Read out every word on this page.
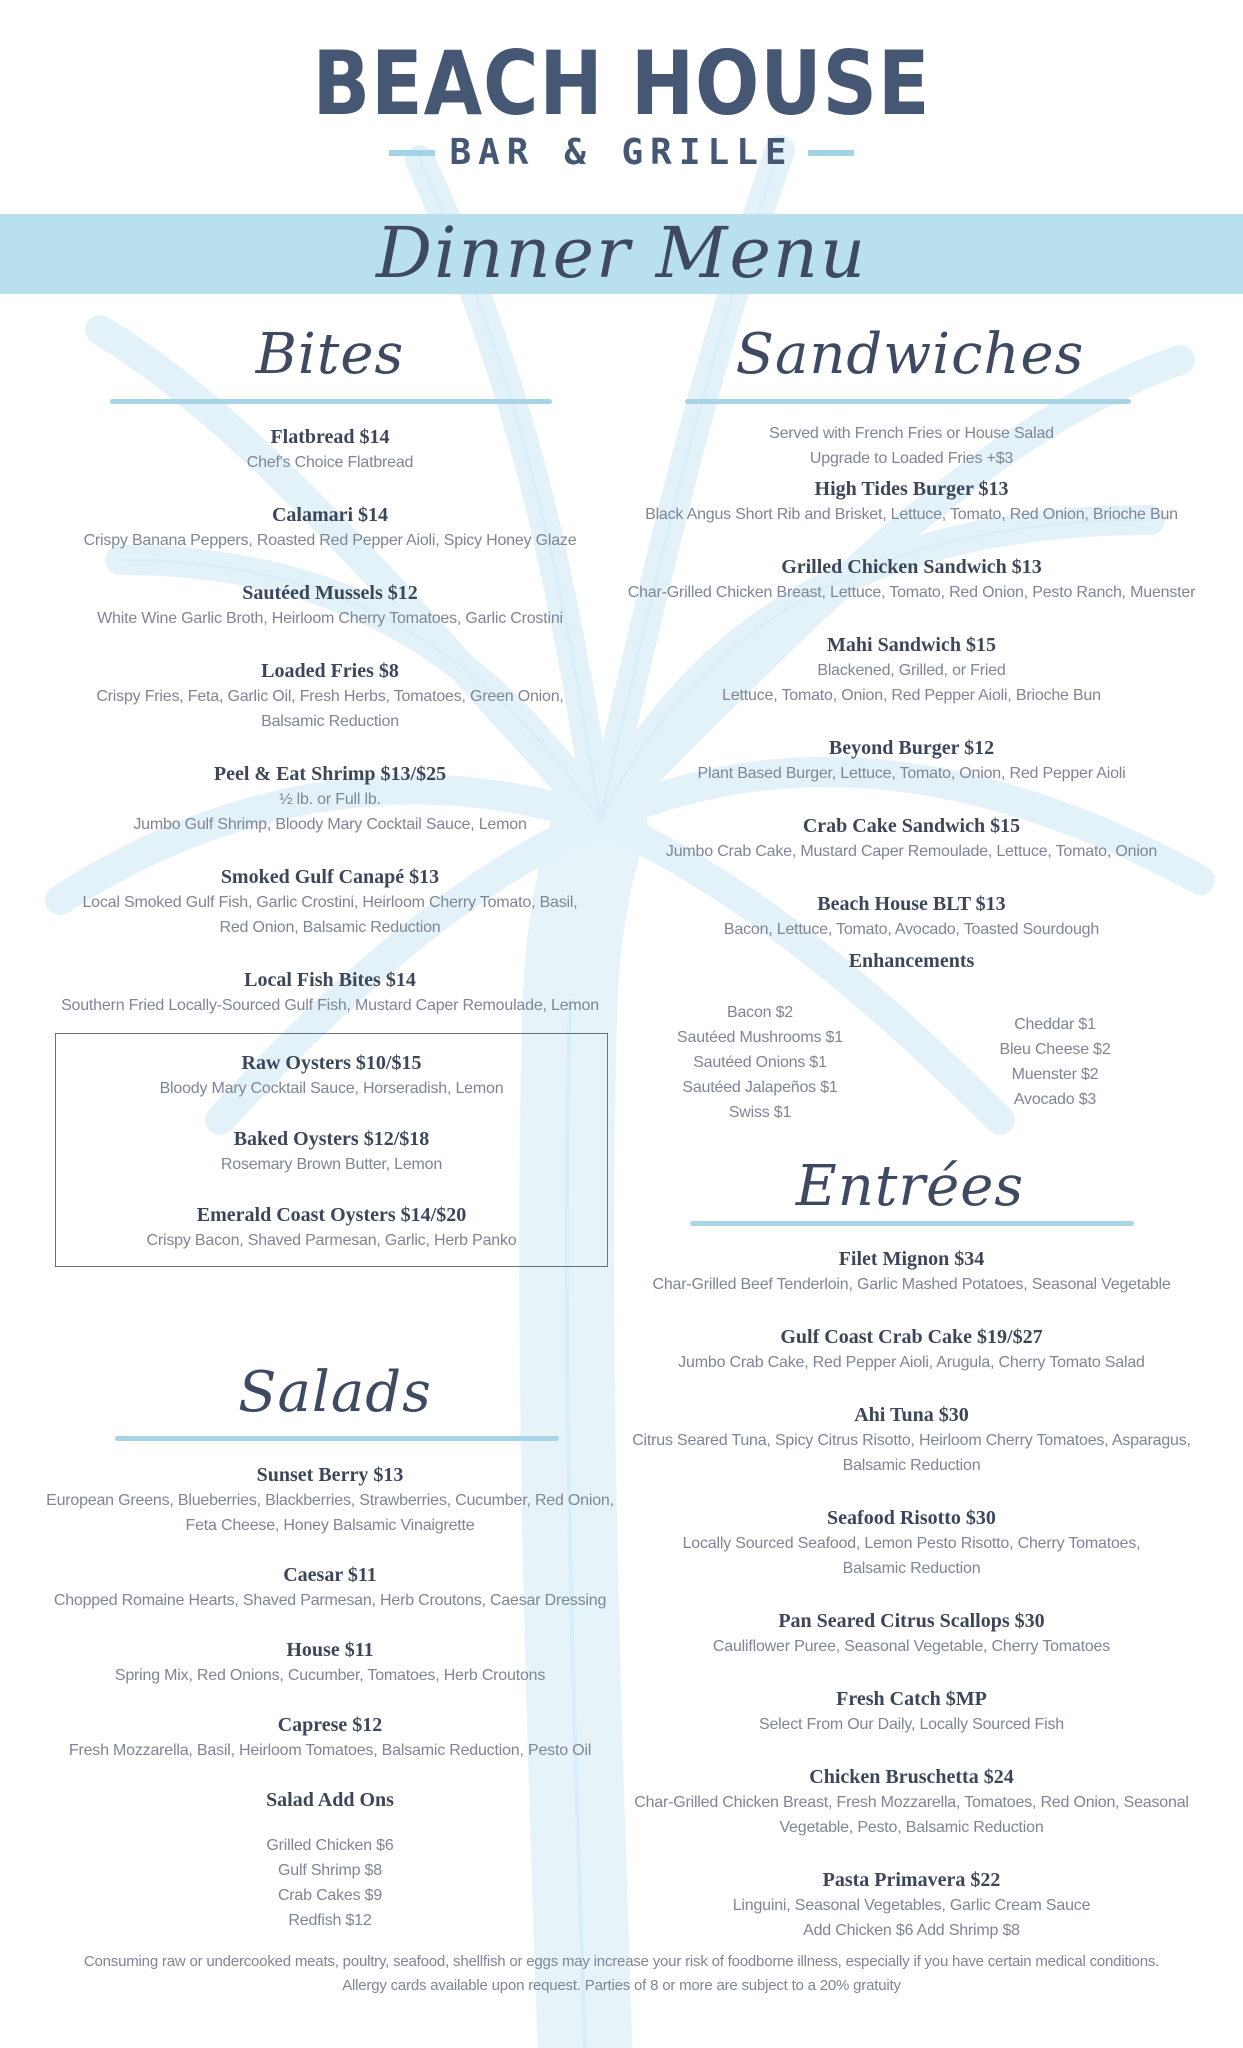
BEACH HOUSE
BAR & GRILLE
Dinner Menu
Bites	Sandwiches
Salads
Entrées
Flatbread $14
Chef's Choice Flatbread
Calamari $14
Crispy Banana Peppers, Roasted Red Pepper Aioli, Spicy Honey Glaze
Sautéed Mussels $12
White Wine Garlic Broth, Heirloom Cherry Tomatoes, Garlic Crostini
Loaded Fries $8
Crispy Fries, Feta, Garlic Oil, Fresh Herbs, Tomatoes, Green Onion,
Balsamic Reduction
Peel & Eat Shrimp $13/$25
½ lb. or Full lb.
Jumbo Gulf Shrimp, Bloody Mary Cocktail Sauce, Lemon
Smoked Gulf Canapé $13
Local Smoked Gulf Fish, Garlic Crostini, Heirloom Cherry Tomato, Basil,
Red Onion, Balsamic Reduction
Local Fish Bites $14
Southern Fried Locally-Sourced Gulf Fish, Mustard Caper Remoulade, Lemon
Raw Oysters $10/$15
Bloody Mary Cocktail Sauce, Horseradish, Lemon
Baked Oysters $12/$18
Rosemary Brown Butter, Lemon
Emerald Coast Oysters $14/$20
Crispy Bacon, Shaved Parmesan, Garlic, Herb Panko
Sunset Berry $13
European Greens, Blueberries, Blackberries, Strawberries, Cucumber, Red Onion,
Feta Cheese, Honey Balsamic Vinaigrette
Caesar $11
Chopped Romaine Hearts, Shaved Parmesan, Herb Croutons, Caesar Dressing
House $11
Spring Mix, Red Onions, Cucumber, Tomatoes, Herb Croutons
Caprese $12
Fresh Mozzarella, Basil, Heirloom Tomatoes, Balsamic Reduction, Pesto Oil
Salad Add Ons
Grilled Chicken $6
Gulf Shrimp $8
Crab Cakes $9
Redfish $12
Served with French Fries or House Salad
Upgrade to Loaded Fries +$3
High Tides Burger $13
Black Angus Short Rib and Brisket, Lettuce, Tomato, Red Onion, Brioche Bun
Grilled Chicken Sandwich $13
Char-Grilled Chicken Breast, Lettuce, Tomato, Red Onion, Pesto Ranch, Muenster
Mahi Sandwich $15
Blackened, Grilled, or Fried
Lettuce, Tomato, Onion, Red Pepper Aioli, Brioche Bun
Beyond Burger $12
Plant Based Burger, Lettuce, Tomato, Onion, Red Pepper Aioli
Crab Cake Sandwich $15
Jumbo Crab Cake, Mustard Caper Remoulade, Lettuce, Tomato, Onion
Beach House BLT $13
Bacon, Lettuce, Tomato, Avocado, Toasted Sourdough
Enhancements
Bacon $2
Sautéed Mushrooms $1
Sautéed Onions $1
Sautéed Jalapeños $1
Swiss $1
Cheddar $1
Bleu Cheese $2
Muenster $2
Avocado $3
Filet Mignon $34
Char-Grilled Beef Tenderloin, Garlic Mashed Potatoes, Seasonal Vegetable
Gulf Coast Crab Cake $19/$27
Jumbo Crab Cake, Red Pepper Aioli, Arugula, Cherry Tomato Salad
Ahi Tuna $30
Citrus Seared Tuna, Spicy Citrus Risotto, Heirloom Cherry Tomatoes, Asparagus,
Balsamic Reduction
Seafood Risotto $30
Locally Sourced Seafood, Lemon Pesto Risotto, Cherry Tomatoes,
Balsamic Reduction
Pan Seared Citrus Scallops $30
Cauliflower Puree, Seasonal Vegetable, Cherry Tomatoes
Fresh Catch $MP
Select From Our Daily, Locally Sourced Fish
Chicken Bruschetta $24
Char-Grilled Chicken Breast, Fresh Mozzarella, Tomatoes, Red Onion, Seasonal
Vegetable, Pesto, Balsamic Reduction
Pasta Primavera $22
Linguini, Seasonal Vegetables, Garlic Cream Sauce
Add Chicken $6 Add Shrimp $8
Consuming raw or undercooked meats, poultry, seafood, shellfish or eggs may increase your risk of foodborne illness, especially if you have certain medical conditions.
Allergy cards available upon request. Parties of 8 or more are subject to a 20% gratuity
